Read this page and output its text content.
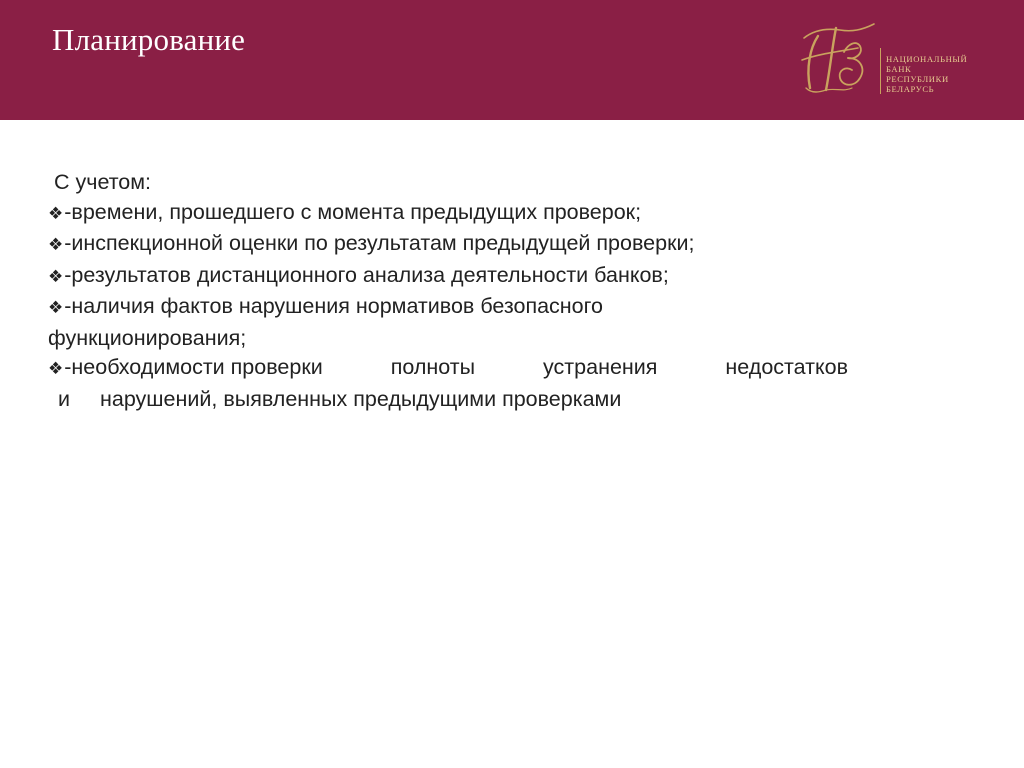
Планирование
НАЦИОНАЛЬНЫЙ
БАНК
РЕСПУБЛИКИ
БЕЛАРУСЬ
С учетом:
❖-времени, прошедшего с момента предыдущих проверок;
❖-инспекционной оценки по результатам предыдущей проверки;
❖-результатов дистанционного анализа деятельности банков;
❖-наличия фактов нарушения нормативов безопасного
функционирования;
❖-необходимости проверки	полноты	устранения	недостатков
и нарушений, выявленных предыдущими проверками
